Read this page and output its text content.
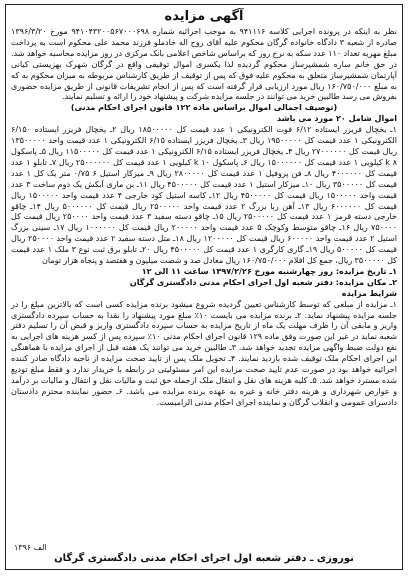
آگهی مزایده

نظر به اینکه در پرونده اجرایی کلاسه ۹۴۱۱۱۶ به موجب اجرائیه شماره ۹۴۱۰۴۳۲۰۰۵۶۷۰۰۰۶۹۸ مورخ ۱۳۹۶/۳/۲۰ صادره از شعبه ۳ دادگاه خانواده گرگان محکوم علیه آقای روح اله خادملو فرزند محمد علی محکوم است به پرداخت مبلغ مهریه تعداد ۱۱۰ عدد سکه به نرخ روز که براساس شاخص اعلامی بانک مرکزی در روز مزایده محاسبه خواهد شد. در حق خانم ساره شمشیرساز محکوم گردیده لذا یکسری اموال توقیفی واقع در گرگان شهرک بهزیستی کیانی آپارتمان شمشیرساز متعلق به محکوم علیه فوق که پس از توقیف از طریق کارشناس مربوطه به میزان محکوم به که به مبلغ ۱۶۰/۷۵۰/۰۰۰ ریال مورد ارزیابی قرار گرفته است که پس از انجام تشریفات قانونی از طریق مزایده حضوری بفروش می رسد طالبین خرید می توانند در جلسه مزایده شرکت و پیشنهاد خود را ارائه و تسلیم نمایند.

(توصیف اجمالی اموال براساس ماده ۱۲۲ قانون اجرای احکام مدنی)

اموال شامل ۲۰ مورد می باشد

۱ـ یخچال فریزر ایستاده ۶/۱۲ فوت الکترونیکی ۱ عدد قیمت کل ۱۸۵۰۰۰۰۰ ریال ۲ـ یخچال فریزر ایستاده ۶/۱۵۰ الکترونیکی ۱ عدد قیمت کل ۱۹۵۰۰۰۰۰ ریال ۳ـ یخچال فریزر ایستاده ۶/۱۵ الکترونیکی ۱ عدد قیمت واحد ۱۳۵۰۰۰۰۰ ریال قیمت کل ۲۷۰۰۰۰۰۰ ریال ۴ـ یخچال فریزر ایستاده ۶/۱۵ الکترونیکی ۱ عدد قیمت کل ۱۱۵۰۰۰۰۰ ریال ۵ـ پاسکول ۸ k کیلویی ۱ عدد قیمت کل ۱۵۰۰۰۰۰۰ ریال ۶ـ پاسکول ۱۰ k کیلویی ۱ عدد قیمت کل ۲۵۰۰۰۰۰۰ ریال ۷ـ تابلو ۱ عدد قیمت کل ۴۰۰۰۰۰۰ ریال ۸ـ فن پروفیل ۱ عدد قیمت کل ۲۸۰۰۰۰۰ ریال ۹ـ میزکار استیل ۶ ۰/۷۵ متر یک کل ۱ عدد قیمت کل ۳۵۰۰۰۰۰ ریال ۱۰ـ میزکار استیل ۱ عدد قیمت کل ۴۵۰۰۰۰۰ ریال ۱۱ـ بن ماری آبکش یک دوم ساخت ۳ عدد قیمت واحد ۱۵۰۰۰۰۰ ریال قیمت کل ۴۵۰۰۰۰۰ ریال ۱۲ـ کاسه استیل کود خارجی ۴ عدد قیمت واحد ۱۵۰۰۰۰۰ ریال قیمت کل ۶۰۰۰۰۰۰ ریال ۱۳ـ آهن ربا بزرگ ۲ عدد قیمت واحد ۲۵۰۰۰۰۰ ریال قیمت کل ۵۰۰۰۰۰۰ ریال ۱۴ـ چاقو خارجی دسته قرمز ۱ عدد قیمت کل ۲۵۰۰۰۰۰ ریال ۱۵ـ چاقو دسته سفید ۳ عدد قیمت واحد ۲۵۰۰۰۰ ریال قیمت کل ۷۵۰۰۰۰ ریال ۱۶ـ چاقو متوسط وکوچک ۵ عدد قیمت واحد ۲۰۰۰۰۰ ریال قیمت کل ۱۰۰۰۰۰۰ ریال ۱۷ـ سینی بزرگ استیل ۲ عدد قیمت واحد ۶۰۰۰۰۰ ریال قیمت کل ۱۲۰۰۰۰۰ ریال ۱۸ـ متل دسته سفید ۲ عدد قیمت واحد ۲۵۰۰۰۰ ریال قیمت کل ۵۰۰۰۰۰ ریال ۱۹ـ گاری کارگری ۱ عدد قیمت کل ۴۵۰۰۰۰۰ ریال ۲۰ـ تابلو برق ثبت نوع ۳ ملک ۱ عدد قیمت کل ۳۵۰۰۰۰۰ ریال، جمع کل اقلام ۱۶۰/۷۵۰/۰۰۰ ریال معادل صد و شصت میلیون و هفتصد و پنجاه هزار تومان

۱ـ تاریخ مزایده: روز چهارشنبه مورخ ۱۳۹۷/۲/۲۶ ساعت ۱۱ الی ۱۲

۲ـ مکان مزایده: دفتر شعبه اول اجرای احکام مدنی دادگستری گرگان

شرایط مزایده

۱ـ مزایده از مبلغی که توسط کارشناس تعیین گردیده شروع میشود برنده مزایده کسی است که بالاترین مبلغ را در جلسه مزایده پیشنهاد نماید. ۲ـ برنده مزایده می بایست ۱۰٪ مبلغ مورد پیشنهاد را نقدا به حساب سپرده دادگستری واریز و مابقی آن را ظرف مهلت یک ماه از تاریخ مزایده به حساب سپرده دادگستری واریز و قبض آن را تسلیم دفتر شعبه نماید در غیر این صورت وفق ماده ۱۲۹ قانون اجرای احکام مدنی ۱۰٪ سپرده پس از کسر هزینه های اجرایی به نفع دولت ضبط واگهی مزایده تجدید خواهد شد. ۳ـ طالبین خرید می توانند یک هفته قبل از اجرای مزایده با هماهنگی این اجرای احکام ملک توقیف شده بازدید نمایند. ۴ـ تحویل ملک پس از تایید صحت مزایده از ناحیه دادگاه صادر کننده اجرائیه خواهد بود در صورت عدم تایید صحت مزایده این امر مسئولیتی در رابطه با خریدار ندارد و فقط مبلغ تودیع شده مسترد خواهد شد. ۵ـ کلیه هزینه های نقل و انتقال ملک ازجمله حق ثبت و مالیات نقل و انتقال و مالیات بر درآمد و عوارض شهرداری و هزینه دفتر خانه و غیره به عهده برنده مزایده می باشد. ۶ـ حضور نماینده محترم دادستان دادسرای عمومی و انقلاب گرگان و نماینده اجرای احکام مدنی الزامیست.

الف ۱۳۹۶
نوروزی ـ دفتر شعبه اول اجرای احکام مدنی دادگستری گرگان
